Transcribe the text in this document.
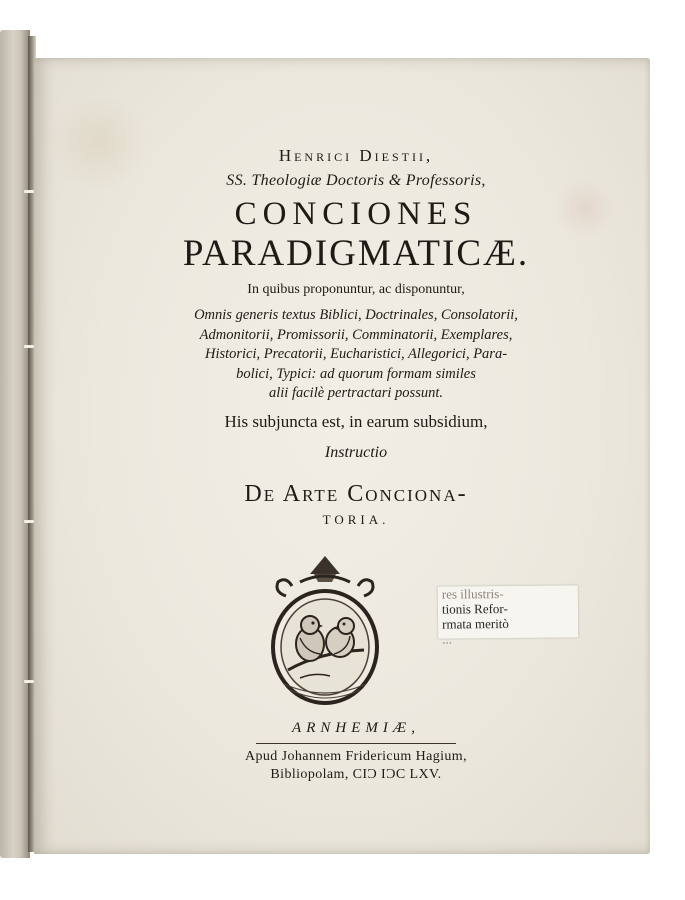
Henrici Diestii,
SS. Theologiæ Doctoris & Professoris,
CONCIONES
PARADIGMATICÆ.
In quibus proponuntur, ac disponuntur,
Omnis generis textus Biblici, Doctrinales, Consolatorii,
Admonitorii, Promissorii, Comminatorii, Exemplares,
Historici, Precatorii, Eucharistici, Allegorici, Para-
bolici, Typici: ad quorum formam similes
alii facilè pertractari possunt.
His subjuncta est, in earum subsidium,
Instructio
De Arte Conciona-
TORIA.
res illustris-
tionis Refor-
rmata meritò
...
ARNHEMIÆ,
Apud Johannem Fridericum Hagium,
Bibliopolam, CIƆ IƆC LXV.
